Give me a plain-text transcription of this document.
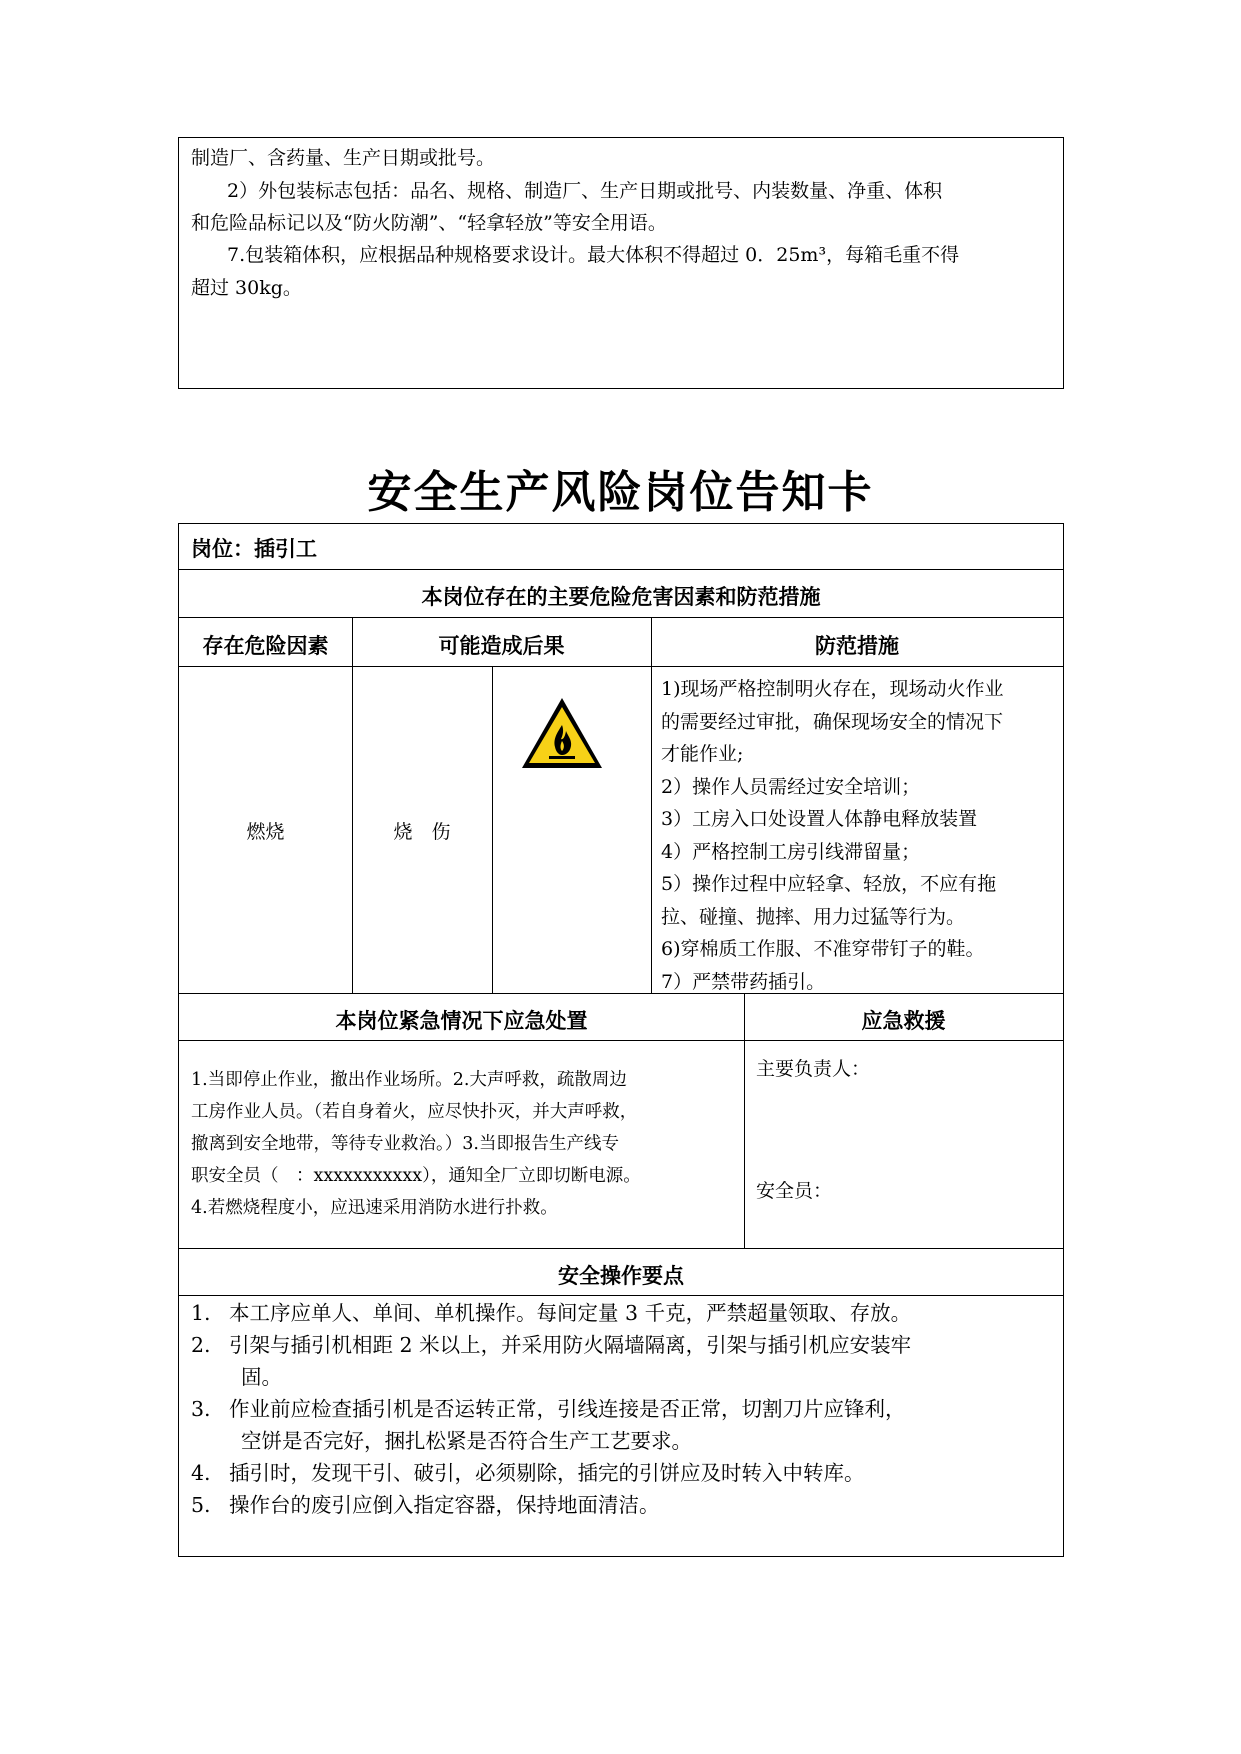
制造厂、含药量、生产日期或批号。

2）外包装标志包括：品名、规格、制造厂、生产日期或批号、内装数量、净重、体积

和危险品标记以及“防火防潮”、“轻拿轻放”等安全用语。

7.包装箱体积，应根据品种规格要求设计。最大体积不得超过 0．25m³，每箱毛重不得

超过 30kg。

安全生产风险岗位告知卡
岗位：插引工
本岗位存在的主要危险危害因素和防范措施
存在危险因素	可能造成后果	防范措施
燃烧	烧　伤
1)现场严格控制明火存在，现场动火作业
的需要经过审批，确保现场安全的情况下
才能作业;
2）操作人员需经过安全培训；
3）工房入口处设置人体静电释放装置
4）严格控制工房引线滞留量；
5）操作过程中应轻拿、轻放，不应有拖
拉、碰撞、抛摔、用力过猛等行为。
6)穿棉质工作服、不准穿带钉子的鞋。
7）严禁带药插引。
本岗位紧急情况下应急处置	应急救援
1.当即停止作业，撤出作业场所。2.大声呼救，疏散周边
工房作业人员。（若自身着火，应尽快扑灭，并大声呼救，
撤离到安全地带，等待专业救治。）3.当即报告生产线专
职安全员（　：xxxxxxxxxxx），通知全厂立即切断电源。
4.若燃烧程度小，应迅速采用消防水进行扑救。
主要负责人：
安全员：
安全操作要点
1. 本工序应单人、单间、单机操作。每间定量 3 千克，严禁超量领取、存放。
2. 引架与插引机相距 2 米以上，并采用防火隔墙隔离，引架与插引机应安装牢
固。
3. 作业前应检查插引机是否运转正常，引线连接是否正常，切割刀片应锋利，
空饼是否完好，捆扎松紧是否符合生产工艺要求。
4. 插引时，发现干引、破引，必须剔除，插完的引饼应及时转入中转库。
5. 操作台的废引应倒入指定容器，保持地面清洁。
